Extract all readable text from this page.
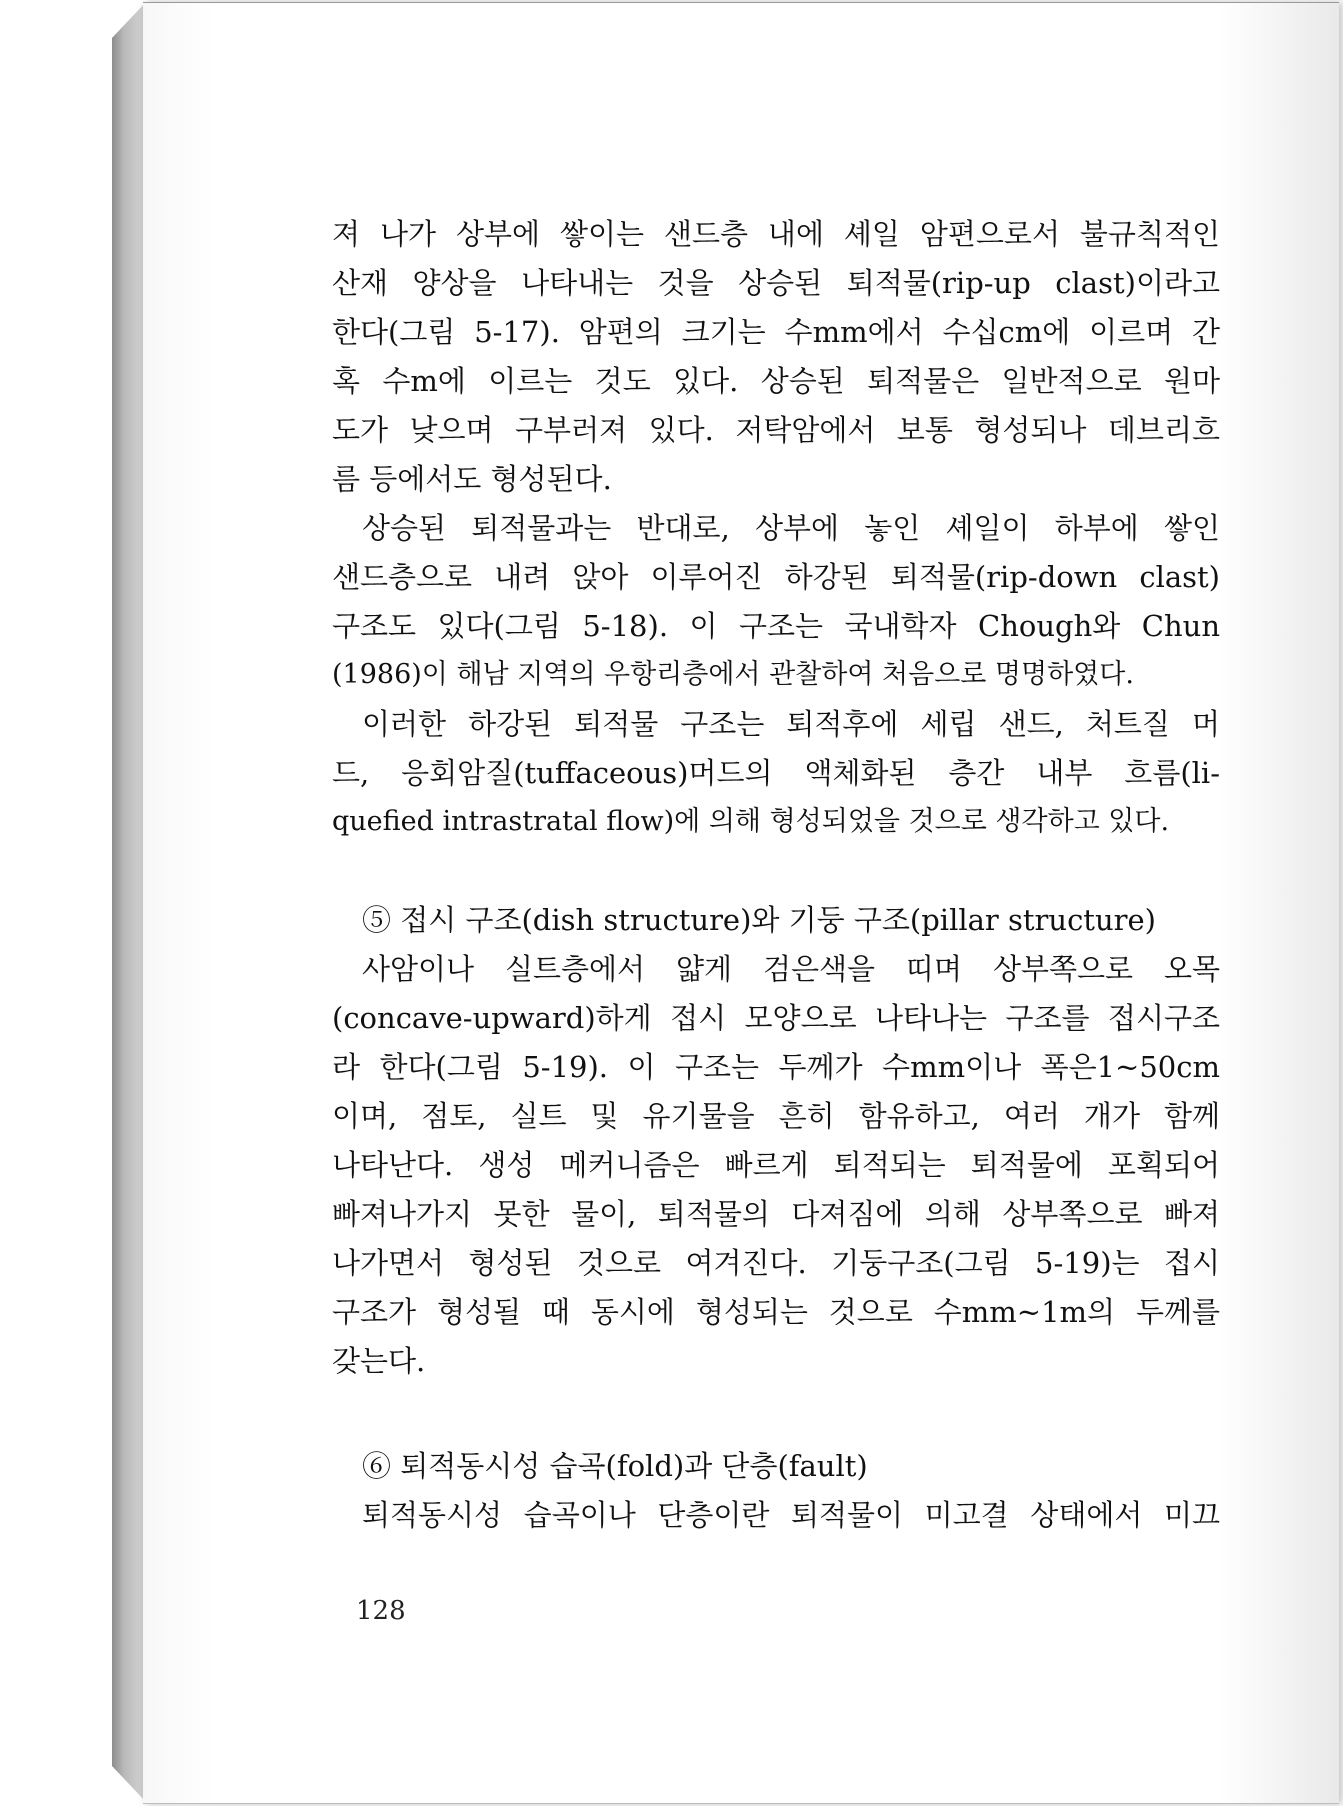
져 나가 상부에 쌓이는 샌드층 내에 셰일 암편으로서 불규칙적인
산재 양상을 나타내는 것을 상승된 퇴적물(rip-up clast)이라고
한다(그림 5-17). 암편의 크기는 수mm에서 수십cm에 이르며 간
혹 수m에 이르는 것도 있다. 상승된 퇴적물은 일반적으로 원마
도가 낮으며 구부러져 있다. 저탁암에서 보통 형성되나 데브리흐
름 등에서도 형성된다.
상승된 퇴적물과는 반대로, 상부에 놓인 셰일이 하부에 쌓인
샌드층으로 내려 앉아 이루어진 하강된 퇴적물(rip-down clast)
구조도 있다(그림 5-18). 이 구조는 국내학자 Chough와 Chun
(1986)이 해남 지역의 우항리층에서 관찰하여 처음으로 명명하였다.
이러한 하강된 퇴적물 구조는 퇴적후에 세립 샌드, 처트질 머
드, 응회암질(tuffaceous)머드의 액체화된 층간 내부 흐름(li-
quefied intrastratal flow)에 의해 형성되었을 것으로 생각하고 있다.
⑤ 접시 구조(dish structure)와 기둥 구조(pillar structure)
사암이나 실트층에서 얇게 검은색을 띠며 상부쪽으로 오목
(concave-upward)하게 접시 모양으로 나타나는 구조를 접시구조
라 한다(그림 5-19). 이 구조는 두께가 수mm이나 폭은1~50cm
이며, 점토, 실트 및 유기물을 흔히 함유하고, 여러 개가 함께
나타난다. 생성 메커니즘은 빠르게 퇴적되는 퇴적물에 포획되어
빠져나가지 못한 물이, 퇴적물의 다져짐에 의해 상부쪽으로 빠져
나가면서 형성된 것으로 여겨진다. 기둥구조(그림 5-19)는 접시
구조가 형성될 때 동시에 형성되는 것으로 수mm~1m의 두께를
갖는다.
⑥ 퇴적동시성 습곡(fold)과 단층(fault)
퇴적동시성 습곡이나 단층이란 퇴적물이 미고결 상태에서 미끄
128
